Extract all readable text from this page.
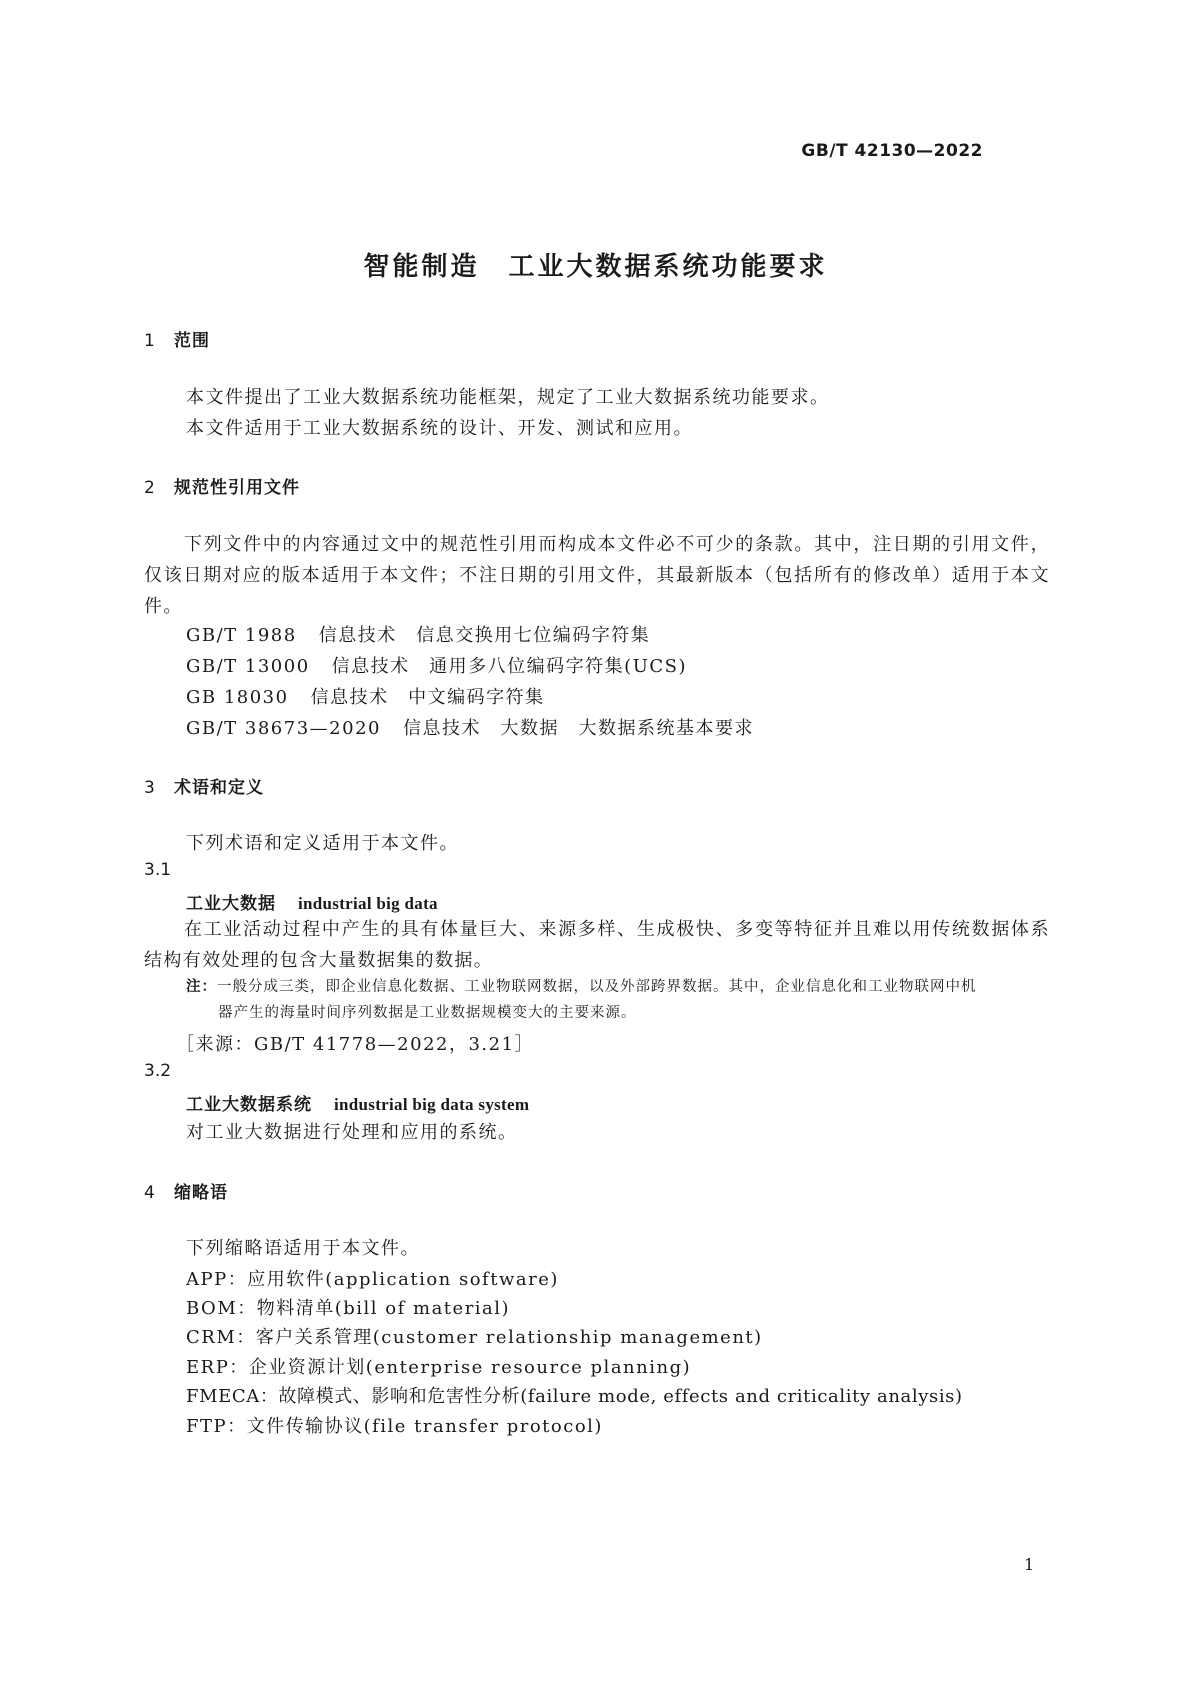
GB/T 42130—2022
智能制造　工业大数据系统功能要求
1 范围
本文件提出了工业大数据系统功能框架，规定了工业大数据系统功能要求。
本文件适用于工业大数据系统的设计、开发、测试和应用。
2 规范性引用文件
下列文件中的内容通过文中的规范性引用而构成本文件必不可少的条款。其中，注日期的引用文件，仅该日期对应的版本适用于本文件；不注日期的引用文件，其最新版本（包括所有的修改单）适用于本文件。
GB/T 1988 信息技术　信息交换用七位编码字符集
GB/T 13000 信息技术　通用多八位编码字符集(UCS)
GB 18030 信息技术　中文编码字符集
GB/T 38673—2020 信息技术　大数据　大数据系统基本要求
3 术语和定义
下列术语和定义适用于本文件。
3.1
工业大数据 industrial big data
在工业活动过程中产生的具有体量巨大、来源多样、生成极快、多变等特征并且难以用传统数据体系结构有效处理的包含大量数据集的数据。
注：一般分成三类，即企业信息化数据、工业物联网数据，以及外部跨界数据。其中，企业信息化和工业物联网中机
器产生的海量时间序列数据是工业数据规模变大的主要来源。
［来源：GB/T 41778—2022，3.21］
3.2
工业大数据系统 industrial big data system
对工业大数据进行处理和应用的系统。
4 缩略语
下列缩略语适用于本文件。
APP：应用软件(application software)
BOM：物料清单(bill of material)
CRM：客户关系管理(customer relationship management)
ERP：企业资源计划(enterprise resource planning)
FMECA：故障模式、影响和危害性分析(failure mode, effects and criticality analysis)
FTP：文件传输协议(file transfer protocol)
1
